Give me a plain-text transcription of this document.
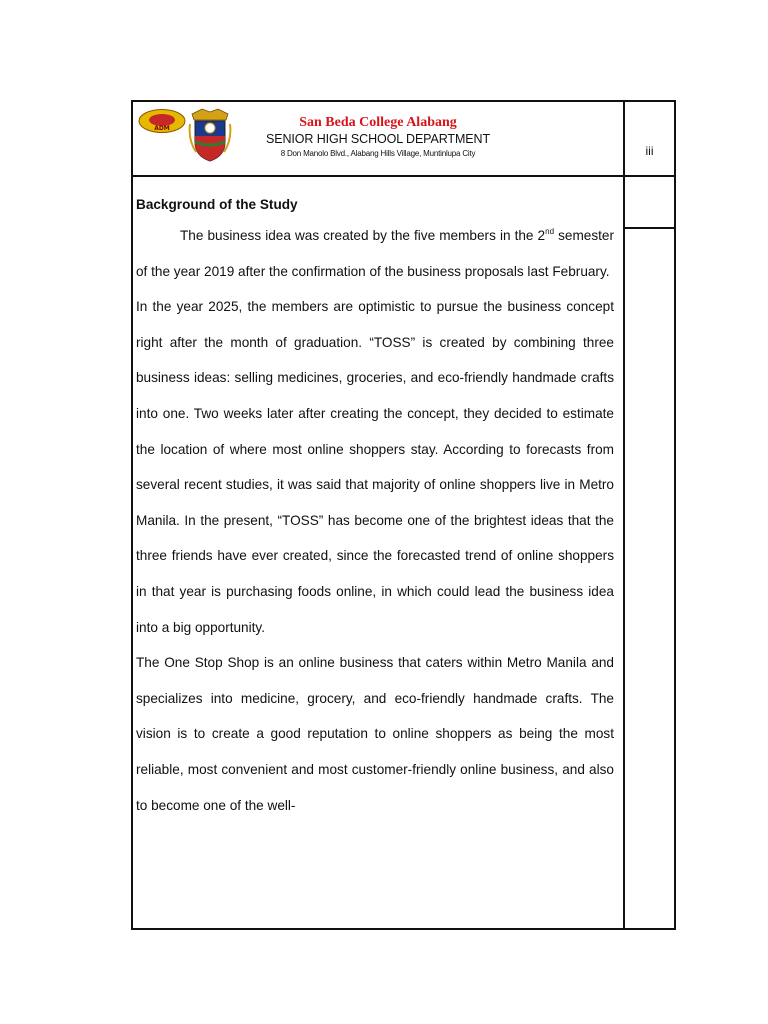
ADM	San Beda College Alabang
SENIOR HIGH SCHOOL DEPARTMENT
8 Don Manolo Blvd., Alabang Hills Village, Muntinlupa City	iii
Background of the Study

The business idea was created by the five members in the 2nd semester of the year 2019 after the confirmation of the business proposals last February.

In the year 2025, the members are optimistic to pursue the business concept right after the month of graduation. “TOSS” is created by combining three business ideas: selling medicines, groceries, and eco-friendly handmade crafts into one. Two weeks later after creating the concept, they decided to estimate the location of where most online shoppers stay. According to forecasts from several recent studies, it was said that majority of online shoppers live in Metro Manila. In the present, “TOSS” has become one of the brightest ideas that the three friends have ever created, since the forecasted trend of online shoppers in that year is purchasing foods online, in which could lead the business idea into a big opportunity.

The One Stop Shop is an online business that caters within Metro Manila and specializes into medicine, grocery, and eco-friendly handmade crafts. The vision is to create a good reputation to online shoppers as being the most reliable, most convenient and most customer-friendly online business, and also to become one of the well-
